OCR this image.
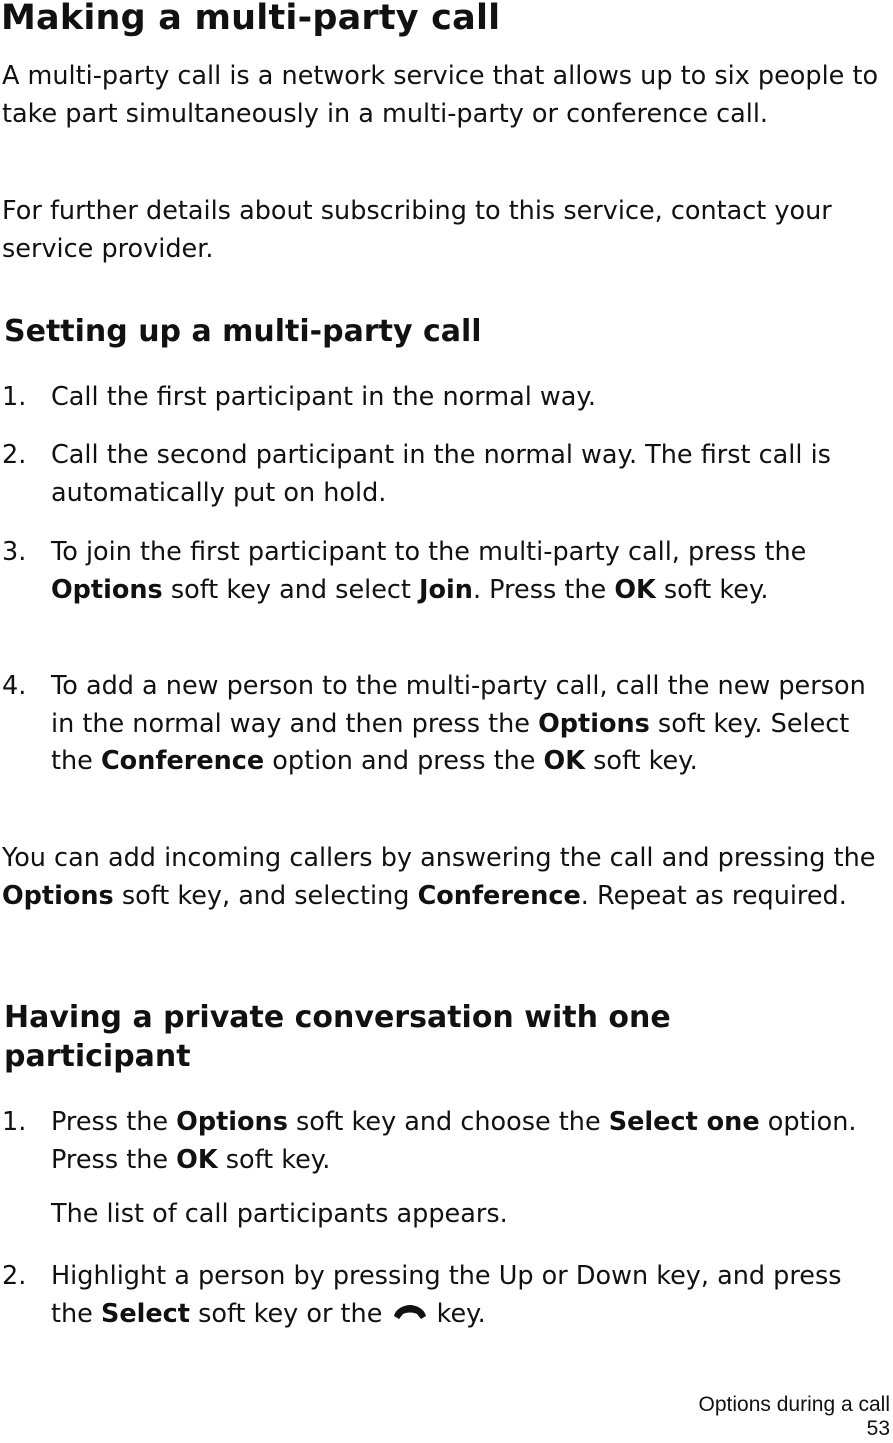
Making a multi-party call

A multi-party call is a network service that allows up to six people to take part simultaneously in a multi-party or conference call.

For further details about subscribing to this service, contact your service provider.

Setting up a multi-party call
1. Call the first participant in the normal way.
2. Call the second participant in the normal way. The first call is automatically put on hold.
3. To join the first participant to the multi-party call, press the Options soft key and select Join. Press the OK soft key.
4. To add a new person to the multi-party call, call the new person in the normal way and then press the Options soft key. Select the Conference option and press the OK soft key.

You can add incoming callers by answering the call and pressing the Options soft key, and selecting Conference. Repeat as required.

Having a private conversation with one participant
1. Press the Options soft key and choose the Select one option. Press the OK soft key.
The list of call participants appears.
2. Highlight a person by pressing the Up or Down key, and press the Select soft key or the  key.
Options during a call
53
